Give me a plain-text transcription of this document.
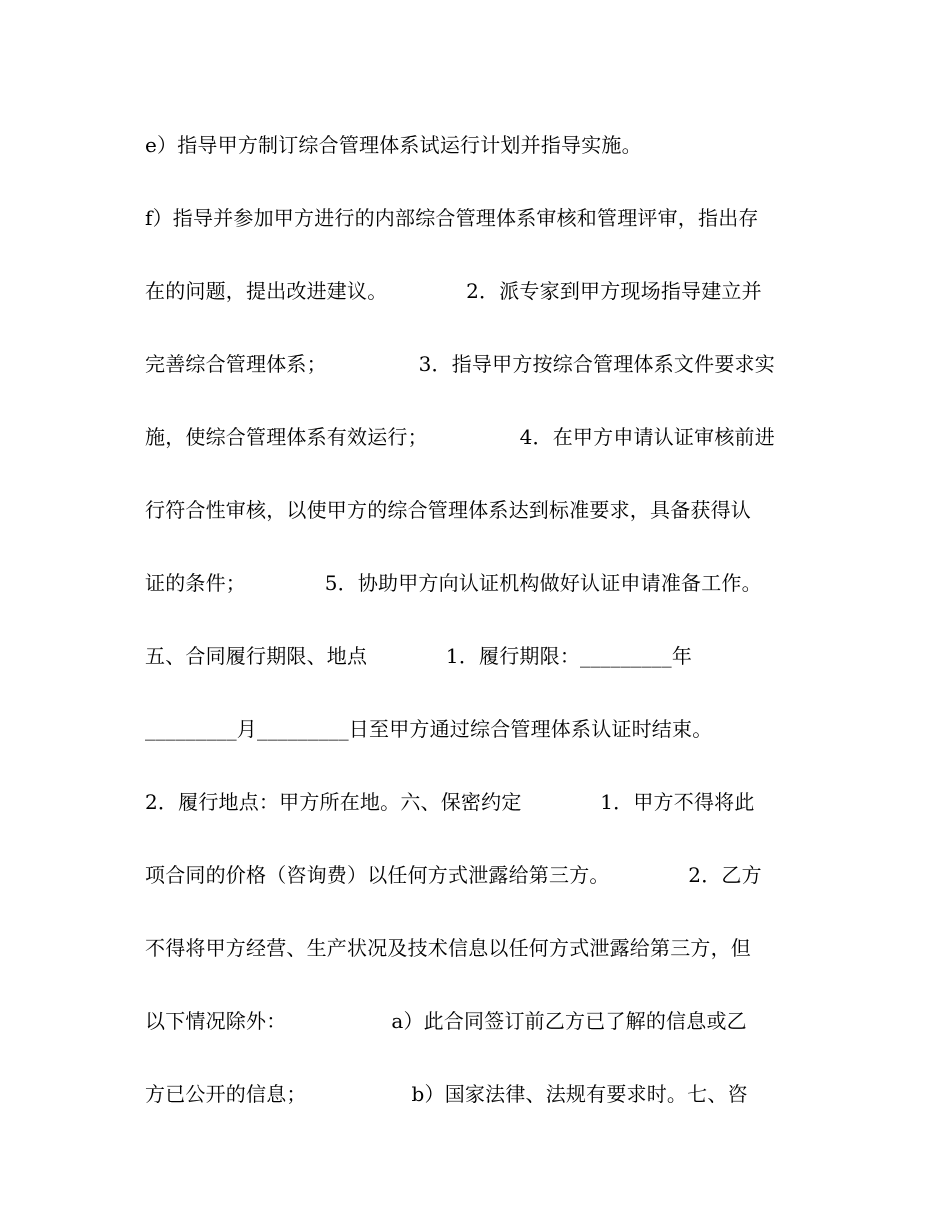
e）指导甲方制订综合管理体系试运行计划并指导实施。
f）指导并参加甲方进行的内部综合管理体系审核和管理评审，指出存
在的问题，提出改进建议。            2．派专家到甲方现场指导建立并
完善综合管理体系；              3．指导甲方按综合管理体系文件要求实
施，使综合管理体系有效运行；              4．在甲方申请认证审核前进
行符合性审核，以使甲方的综合管理体系达到标准要求，具备获得认
证的条件；            5．协助甲方向认证机构做好认证申请准备工作。
五、合同履行期限、地点            1．履行期限：_________年
_________月_________日至甲方通过综合管理体系认证时结束。
2．履行地点：甲方所在地。六、保密约定            1．甲方不得将此
项合同的价格（咨询费）以任何方式泄露给第三方。            2．乙方
不得将甲方经营、生产状况及技术信息以任何方式泄露给第三方，但
以下情况除外：                a）此合同签订前乙方已了解的信息或乙
方已公开的信息；                b）国家法律、法规有要求时。七、咨
